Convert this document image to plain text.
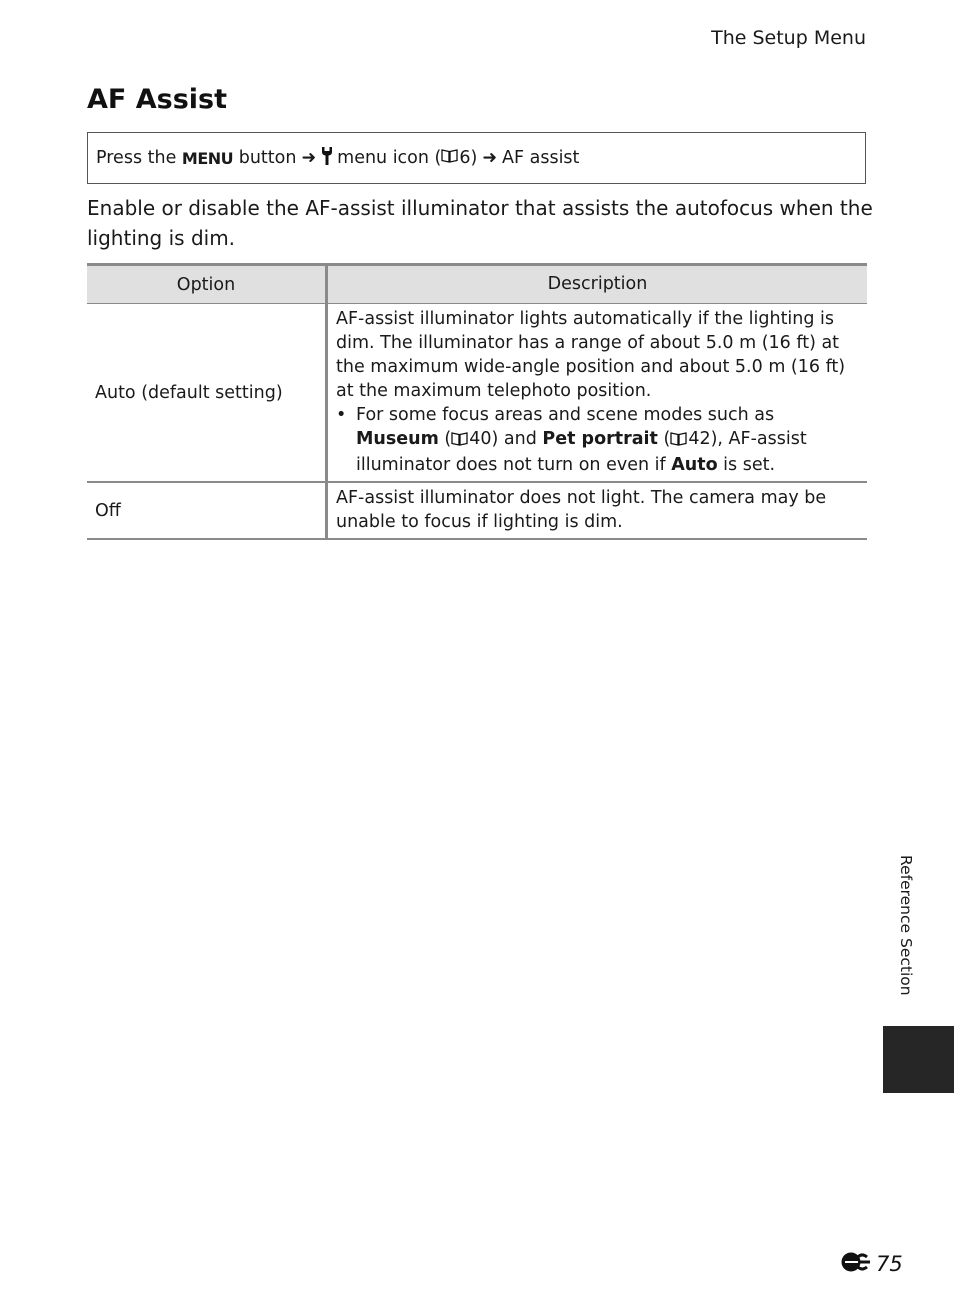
The Setup Menu
AF Assist
Press the
MENU
button ➜ menu icon ( 6) ➜ AF assist

Enable or disable the AF-assist illuminator that assists the autofocus when the lighting is dim.

Option	Description
Auto (default setting)	AF-assist illuminator lights automatically if the lighting is dim. The illuminator has a range of about 5.0 m (16 ft) at the maximum wide-angle position and about 5.0 m (16 ft) at the maximum telephoto position.
• For some focus areas and scene modes such as Museum ( 40) and Pet portrait ( 42), AF-assist illuminator does not turn on even if Auto is set.

Off	AF-assist illuminator does not light. The camera may be unable to focus if lighting is dim.
Reference Section
75
